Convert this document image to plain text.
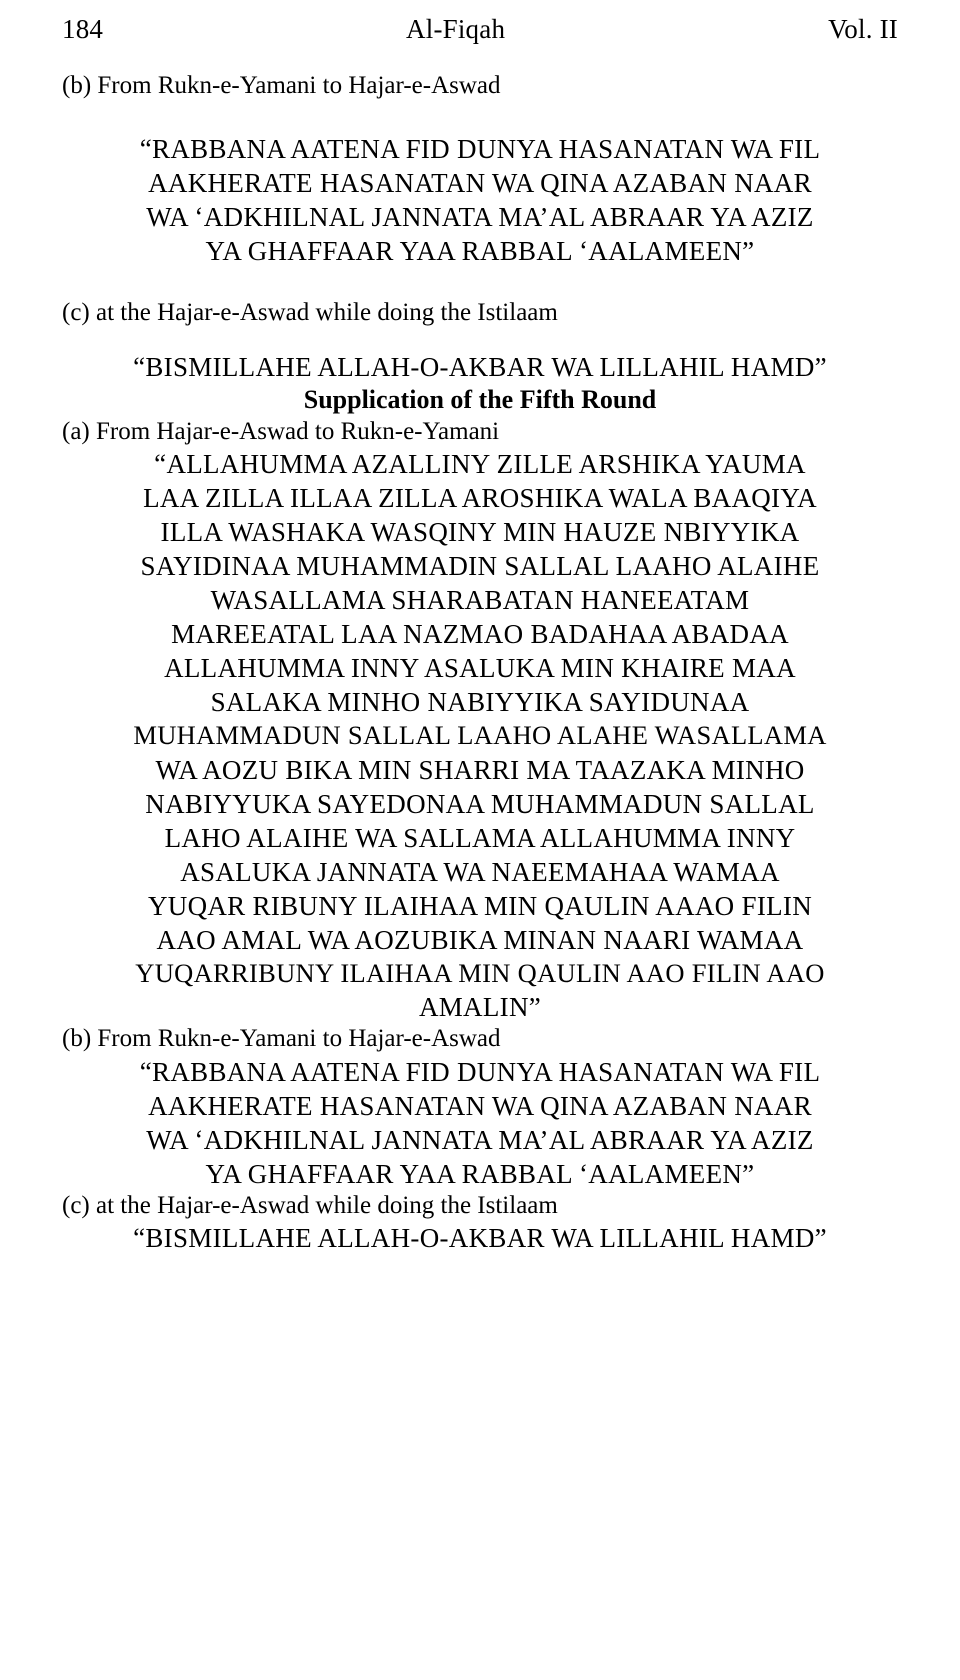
184	Al-Fiqah	Vol. II

(b) From Rukn-e-Yamani to Hajar-e-Aswad

“RABBANA AATENA FID DUNYA HASANATAN WA FIL

AAKHERATE HASANATAN WA QINA AZABAN NAAR

WA ‘ADKHILNAL JANNATA MA’AL ABRAAR YA AZIZ

YA GHAFFAAR YAA RABBAL ‘AALAMEEN”

(c) at the Hajar-e-Aswad while doing the Istilaam

“BISMILLAHE ALLAH-O-AKBAR WA LILLAHIL HAMD”

Supplication of the Fifth Round

(a) From Hajar-e-Aswad to Rukn-e-Yamani

“ALLAHUMMA AZALLINY ZILLE ARSHIKA YAUMA

LAA ZILLA ILLAA ZILLA AROSHIKA WALA BAAQIYA

ILLA WASHAKA WASQINY MIN HAUZE NBIYYIKA

SAYIDINAA MUHAMMADIN SALLAL LAAHO ALAIHE

WASALLAMA SHARABATAN HANEEATAM

MAREEATAL LAA NAZMAO BADAHAA ABADAA

ALLAHUMMA INNY ASALUKA MIN KHAIRE MAA

SALAKA MINHO NABIYYIKA SAYIDUNAA

MUHAMMADUN SALLAL LAAHO ALAHE WASALLAMA

WA AOZU BIKA MIN SHARRI MA TAAZAKA MINHO

NABIYYUKA SAYEDONAA MUHAMMADUN SALLAL

LAHO ALAIHE WA SALLAMA ALLAHUMMA INNY

ASALUKA JANNATA WA NAEEMAHAA WAMAA

YUQAR RIBUNY ILAIHAA MIN QAULIN AAAO FILIN

AAO AMAL WA AOZUBIKA MINAN NAARI WAMAA

YUQARRIBUNY ILAIHAA MIN QAULIN AAO FILIN AAO

AMALIN”

(b) From Rukn-e-Yamani to Hajar-e-Aswad

“RABBANA AATENA FID DUNYA HASANATAN WA FIL

AAKHERATE HASANATAN WA QINA AZABAN NAAR

WA ‘ADKHILNAL JANNATA MA’AL ABRAAR YA AZIZ

YA GHAFFAAR YAA RABBAL ‘AALAMEEN”

(c) at the Hajar-e-Aswad while doing the Istilaam

“BISMILLAHE ALLAH-O-AKBAR WA LILLAHIL HAMD”
